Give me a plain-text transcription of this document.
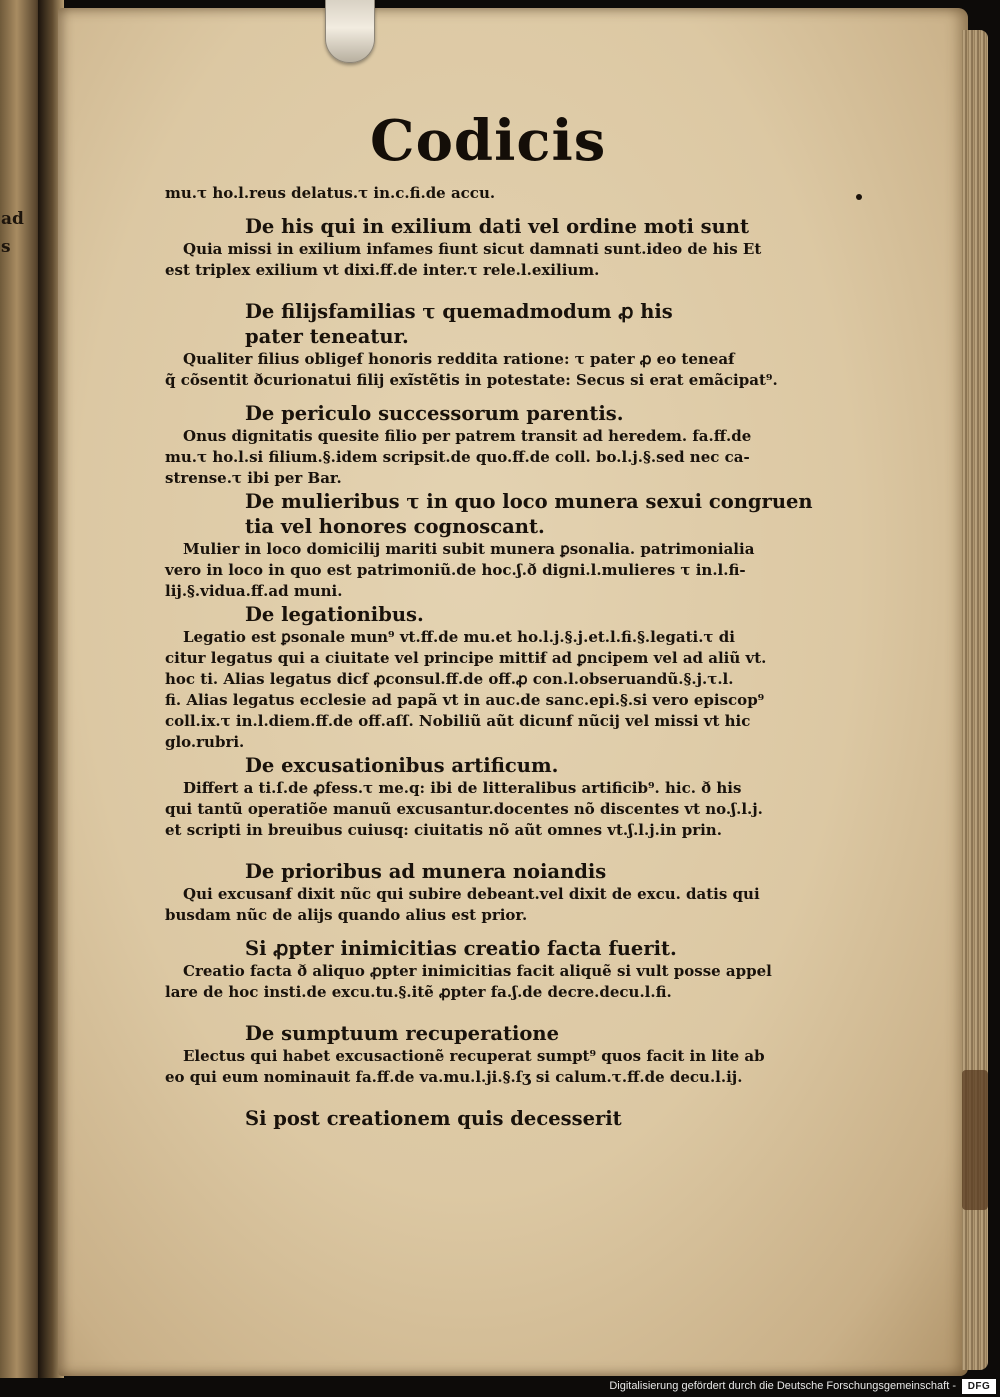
ad
s
Codicis
mu.τ ho.l.reus delatus.τ in.c.fi.de accu.
De his qui in exilium dati vel ordine moti sunt
Quia missi in exilium infames fiunt sicut damnati sunt.ideo de his Et
est triplex exilium vt dixi.ff.de inter.τ rele.l.exilium.
De filijsfamilias τ quemadmodum ꝓ his
pater teneatur.
Qualiter filius obligeẜ honoris reddita ratione: τ pater ꝓ eo teneaẜ
q̃ cõsentit ðcurionatui filij exĩstẽtis in potestate: Secus si erat emãcipat⁹.
De periculo successorum parentis.
Onus dignitatis quesite filio per patrem transit ad heredem. fa.ff.de
mu.τ ho.l.si filium.§.idem scripsit.de quo.ff.de coll. bo.l.j.§.sed nec ca-
strense.τ ibi per Bar.
De mulieribus τ in quo loco munera sexui congruen
tia vel honores cognoscant.
Mulier in loco domicilij mariti subit munera ꝑsonalia. patrimonialia
vero in loco in quo est patrimoniũ.de hoc.ʃ.ð digni.l.mulieres τ in.l.fi-
lij.§.vidua.ff.ad muni.
De legationibus.
Legatio est ꝑsonale mun⁹ vt.ff.de mu.et ho.l.j.§.j.et.l.fi.§.legati.τ di
citur legatus qui a ciuitate vel principe mittiẜ ad ꝑncipem vel ad aliũ vt.
hoc ti. Alias legatus dicẜ ꝓconsul.ff.de off.ꝓ con.l.obseruandũ.§.j.τ.l.
fi. Alias legatus ecclesie ad papã vt in auc.de sanc.epi.§.si vero episcop⁹
coll.ix.τ in.l.diem.ff.de off.aſſ. Nobiliũ aũt dicunẜ nũcij vel missi vt hic
glo.rubri.
De excusationibus artificum.
Differt a ti.ſ.de ꝓfess.τ me.q: ibi de litteralibus artificib⁹. hic. ð his
qui tantũ operatiõe manuũ excusantur.docentes nõ discentes vt no.ʃ.l.j.
et scripti in breuibus cuiusq: ciuitatis nõ aũt omnes vt.ʃ.l.j.in prin.
De prioribus ad munera noiandis
Qui excusanẜ dixit nũc qui subire debeant.vel dixit de excu. datis qui
busdam nũc de alijs quando alius est prior.
Si ꝓpter inimicitias creatio facta fuerit.
Creatio facta ð aliquo ꝓpter inimicitias facit aliquẽ si vult posse appel
lare de hoc insti.de excu.tu.§.itẽ ꝓpter fa.ʃ.de decre.decu.l.fi.
De sumptuum recuperatione
Electus qui habet excusactionẽ recuperat sumpt⁹ quos facit in lite ab
eo qui eum nominauit fa.ff.de va.mu.l.ji.§.ſʒ si calum.τ.ff.de decu.l.ij.
Si post creationem quis decesserit
Digitalisierung gefördert durch die Deutsche Forschungsgemeinschaft -	DFG
